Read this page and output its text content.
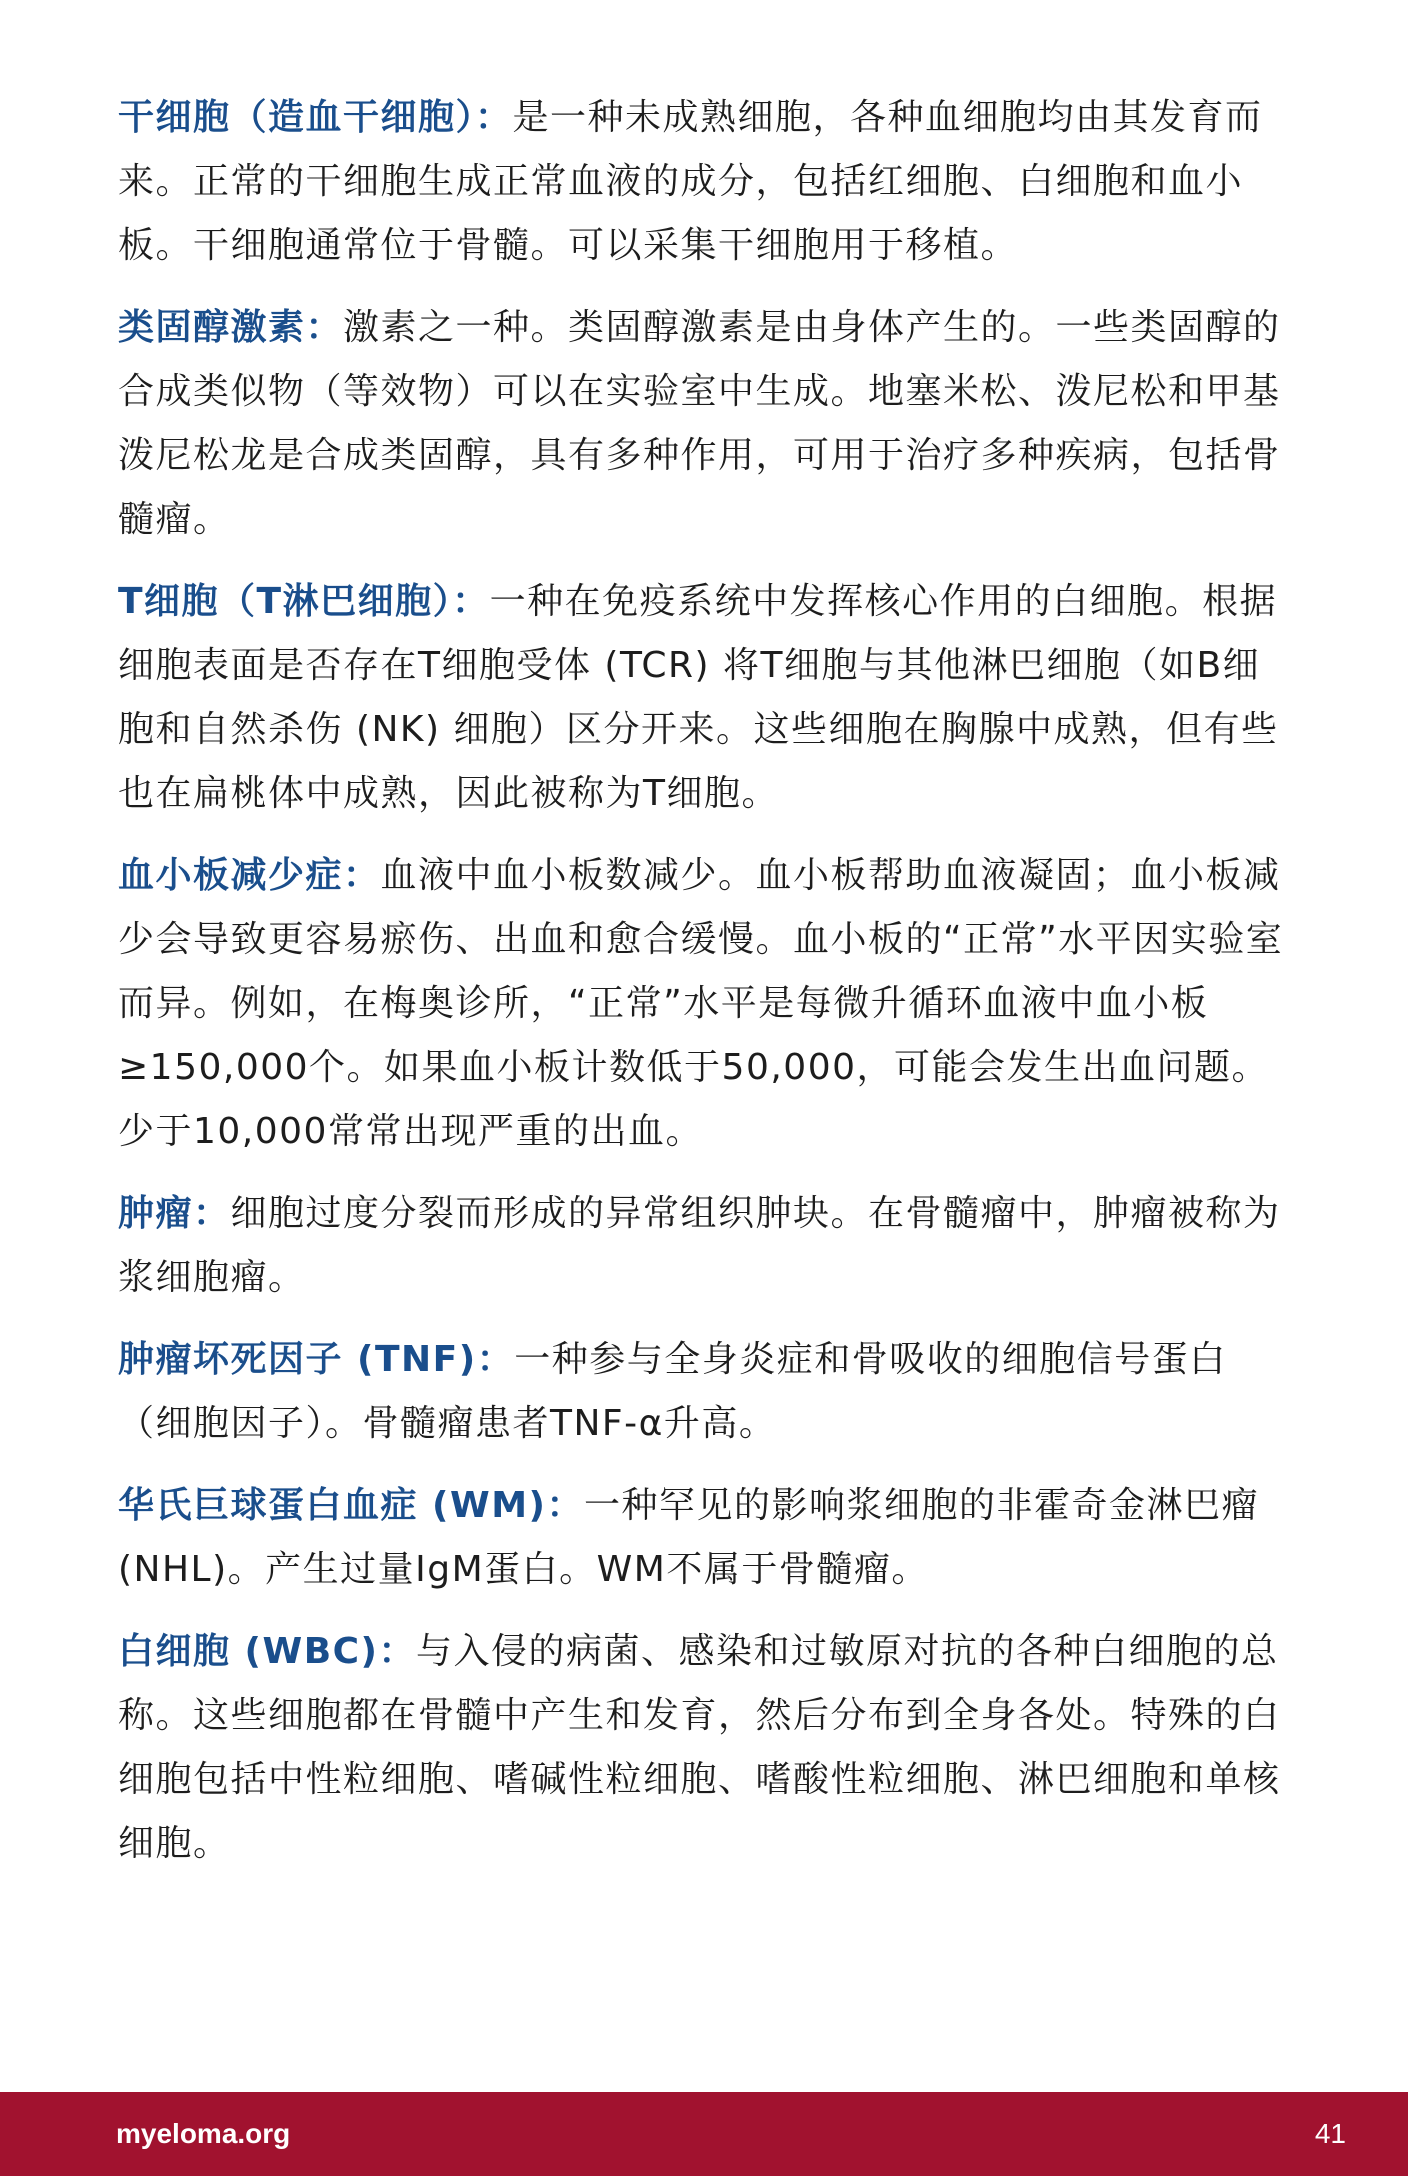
干细胞（造血干细胞）：是一种未成熟细胞，各种血细胞均由其发育而来。正常的干细胞生成正常血液的成分，包括红细胞、白细胞和血小板。干细胞通常位于骨髓。可以采集干细胞用于移植。

类固醇激素：激素之一种。类固醇激素是由身体产生的。一些类固醇的合成类似物（等效物）可以在实验室中生成。地塞米松、泼尼松和甲基泼尼松龙是合成类固醇，具有多种作用，可用于治疗多种疾病，包括骨髓瘤。

T细胞（T淋巴细胞）：一种在免疫系统中发挥核心作用的白细胞。根据细胞表面是否存在T细胞受体 (TCR) 将T细胞与其他淋巴细胞（如B细胞和自然杀伤 (NK) 细胞）区分开来。这些细胞在胸腺中成熟，但有些也在扁桃体中成熟，因此被称为T细胞。

血小板减少症：血液中血小板数减少。血小板帮助血液凝固；血小板减少会导致更容易瘀伤、出血和愈合缓慢。血小板的“正常”水平因实验室而异。例如，在梅奥诊所，“正常”水平是每微升循环血液中血小板≥150,000个。如果血小板计数低于50,000，可能会发生出血问题。少于10,000常常出现严重的出血。

肿瘤：细胞过度分裂而形成的异常组织肿块。在骨髓瘤中，肿瘤被称为浆细胞瘤。

肿瘤坏死因子 (TNF)：一种参与全身炎症和骨吸收的细胞信号蛋白（细胞因子）。骨髓瘤患者TNF-α升高。

华氏巨球蛋白血症 (WM)：一种罕见的影响浆细胞的非霍奇金淋巴瘤 (NHL)。产生过量IgM蛋白。WM不属于骨髓瘤。

白细胞 (WBC)：与入侵的病菌、感染和过敏原对抗的各种白细胞的总称。这些细胞都在骨髓中产生和发育，然后分布到全身各处。特殊的白细胞包括中性粒细胞、嗜碱性粒细胞、嗜酸性粒细胞、淋巴细胞和单核细胞。

myeloma.org	41
